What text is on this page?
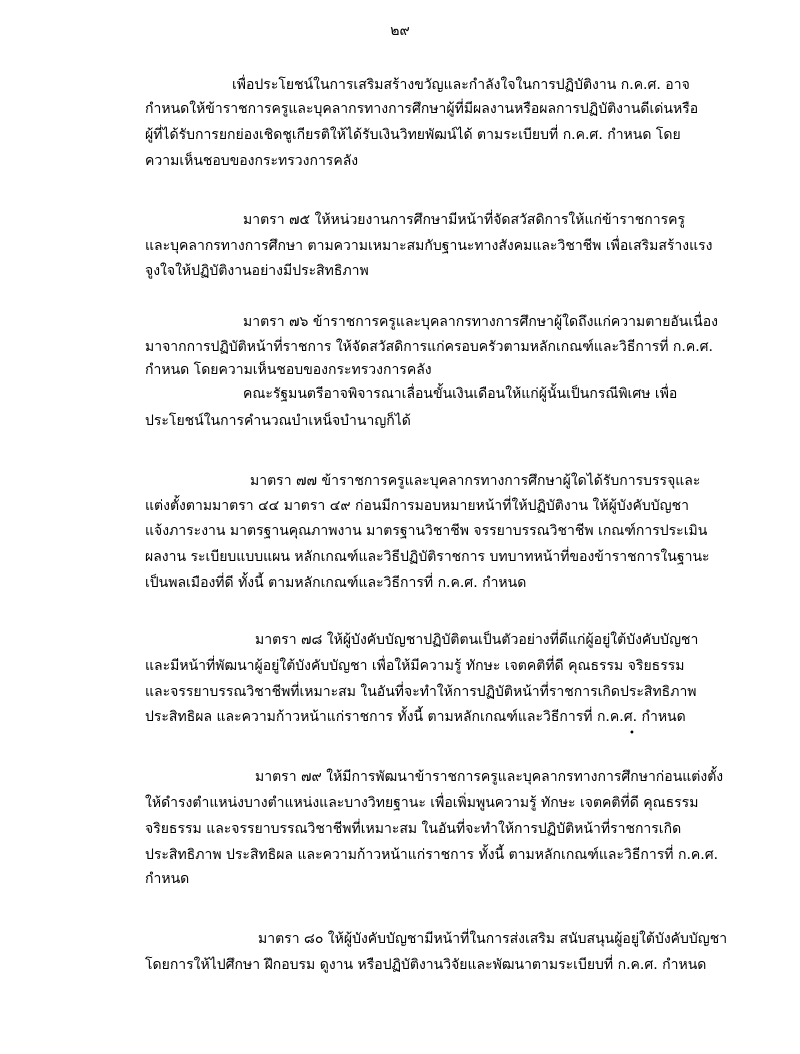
๒๙
เพื่อประโยชน์ในการเสริมสร้างขวัญและกำลังใจในการปฏิบัติงาน ก.ค.ศ. อาจ
กำหนดให้ข้าราชการครูและบุคลากรทางการศึกษาผู้ที่มีผลงานหรือผลการปฏิบัติงานดีเด่นหรือ
ผู้ที่ได้รับการยกย่องเชิดชูเกียรติให้ได้รับเงินวิทยพัฒน์ได้ ตามระเบียบที่ ก.ค.ศ. กำหนด โดย
ความเห็นชอบของกระทรวงการคลัง
มาตรา ๗๕ ให้หน่วยงานการศึกษามีหน้าที่จัดสวัสดิการให้แก่ข้าราชการครู
และบุคลากรทางการศึกษา ตามความเหมาะสมกับฐานะทางสังคมและวิชาชีพ เพื่อเสริมสร้างแรง
จูงใจให้ปฏิบัติงานอย่างมีประสิทธิภาพ
มาตรา ๗๖ ข้าราชการครูและบุคลากรทางการศึกษาผู้ใดถึงแก่ความตายอันเนื่อง
มาจากการปฏิบัติหน้าที่ราชการ ให้จัดสวัสดิการแก่ครอบครัวตามหลักเกณฑ์และวิธีการที่ ก.ค.ศ.
กำหนด โดยความเห็นชอบของกระทรวงการคลัง
คณะรัฐมนตรีอาจพิจารณาเลื่อนขั้นเงินเดือนให้แก่ผู้นั้นเป็นกรณีพิเศษ เพื่อ
ประโยชน์ในการคำนวณบำเหน็จบำนาญก็ได้
มาตรา ๗๗ ข้าราชการครูและบุคลากรทางการศึกษาผู้ใดได้รับการบรรจุและ
แต่งตั้งตามมาตรา ๔๔ มาตรา ๔๙ ก่อนมีการมอบหมายหน้าที่ให้ปฏิบัติงาน ให้ผู้บังคับบัญชา
แจ้งภาระงาน มาตรฐานคุณภาพงาน มาตรฐานวิชาชีพ จรรยาบรรณวิชาชีพ เกณฑ์การประเมิน
ผลงาน ระเบียบแบบแผน หลักเกณฑ์และวิธีปฏิบัติราชการ บทบาทหน้าที่ของข้าราชการในฐานะ
เป็นพลเมืองที่ดี ทั้งนี้ ตามหลักเกณฑ์และวิธีการที่ ก.ค.ศ. กำหนด
มาตรา ๗๘ ให้ผู้บังคับบัญชาปฏิบัติตนเป็นตัวอย่างที่ดีแก่ผู้อยู่ใต้บังคับบัญชา
และมีหน้าที่พัฒนาผู้อยู่ใต้บังคับบัญชา เพื่อให้มีความรู้ ทักษะ เจตคติที่ดี คุณธรรม จริยธรรม
และจรรยาบรรณวิชาชีพที่เหมาะสม ในอันที่จะทำให้การปฏิบัติหน้าที่ราชการเกิดประสิทธิภาพ
ประสิทธิผล และความก้าวหน้าแก่ราชการ ทั้งนี้ ตามหลักเกณฑ์และวิธีการที่ ก.ค.ศ. กำหนด
มาตรา ๗๙ ให้มีการพัฒนาข้าราชการครูและบุคลากรทางการศึกษาก่อนแต่งตั้ง
ให้ดำรงตำแหน่งบางตำแหน่งและบางวิทยฐานะ เพื่อเพิ่มพูนความรู้ ทักษะ เจตคติที่ดี คุณธรรม
จริยธรรม และจรรยาบรรณวิชาชีพที่เหมาะสม ในอันที่จะทำให้การปฏิบัติหน้าที่ราชการเกิด
ประสิทธิภาพ ประสิทธิผล และความก้าวหน้าแก่ราชการ ทั้งนี้ ตามหลักเกณฑ์และวิธีการที่ ก.ค.ศ.
กำหนด
มาตรา ๘๐ ให้ผู้บังคับบัญชามีหน้าที่ในการส่งเสริม สนับสนุนผู้อยู่ใต้บังคับบัญชา
โดยการให้ไปศึกษา ฝึกอบรม ดูงาน หรือปฏิบัติงานวิจัยและพัฒนาตามระเบียบที่ ก.ค.ศ. กำหนด
•
